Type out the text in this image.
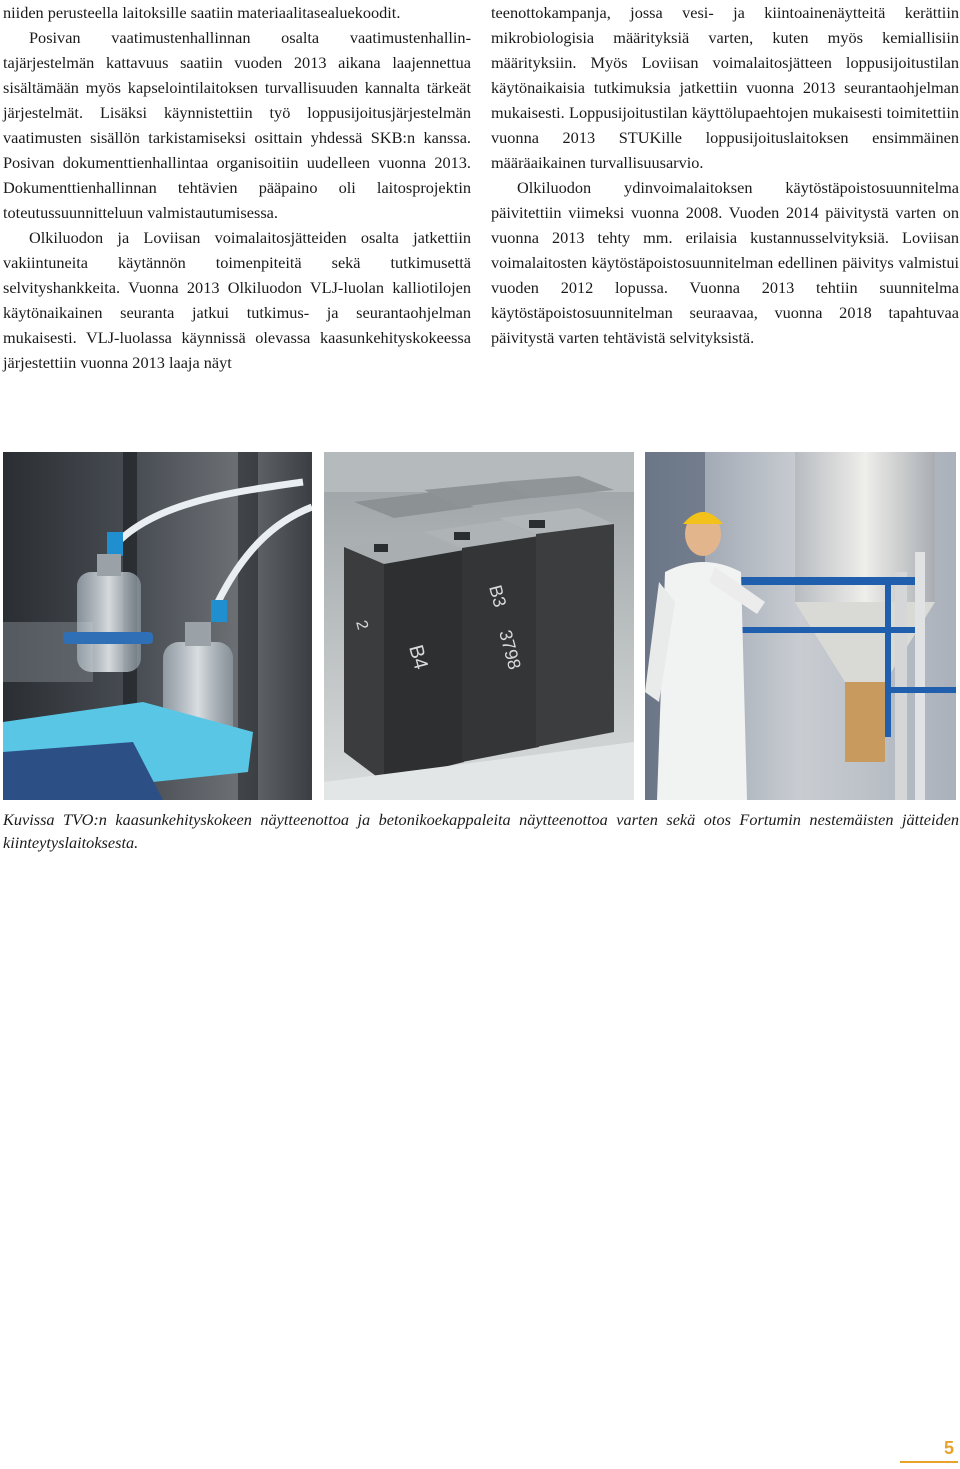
niiden perusteella laitoksille saatiin materiaalitasealuekoodit.

Posivan vaatimustenhallinnan osalta vaatimustenhallintajärjestelmän kattavuus saatiin vuoden 2013 aikana laajennettua sisältämään myös kapselointilaitoksen turvallisuuden kannalta tärkeät järjestelmät. Lisäksi käynnistettiin työ loppusijoitusjärjestelmän vaatimusten sisällön tarkistamiseksi osittain yhdessä SKB:n kanssa. Posivan dokumenttienhallintaa organisoitiin uudelleen vuonna 2013. Dokumenttienhallinnan tehtävien pääpaino oli laitosprojektin toteutussuunnitteluun valmistautumisessa.

Olkiluodon ja Loviisan voimalaitosjätteiden osalta jatkettiin vakiintuneita käytännön toimenpiteitä sekä tutkimusettä selvityshankkeita. Vuonna 2013 Olkiluodon VLJ-luolan kalliotilojen käytönaikainen seuranta jatkui tutkimus- ja seurantaohjelman mukaisesti. VLJ-luolassa käynnissä olevassa kaasunkehityskokeessa järjestettiin vuonna 2013 laaja näyt

teenottokampanja, jossa vesi- ja kiintoainenäytteitä kerättiin mikrobiologisia määrityksiä varten, kuten myös kemiallisiin määrityksiin. Myös Loviisan voimalaitosjätteen loppusijoitustilan käytönaikaisia tutkimuksia jatkettiin vuonna 2013 seurantaohjelman mukaisesti. Loppusijoitustilan käyttölupaehtojen mukaisesti toimitettiin vuonna 2013 STUKille loppusijoituslaitoksen ensimmäinen määräaikainen turvallisuusarvio.

Olkiluodon ydinvoimalaitoksen käytöstäpoistosuunnitelma päivitettiin viimeksi vuonna 2008. Vuoden 2014 päivitystä varten on vuonna 2013 tehty mm. erilaisia kustannusselvityksiä. Loviisan voimalaitosten käytöstäpoistosuunnitelman edellinen päivitys valmistui vuoden 2012 lopussa. Vuonna 2013 tehtiin suunnitelma käytöstäpoistosuunnitelman seuraavaa, vuonna 2018 tapahtuvaa päivitystä varten tehtävistä selvityksistä.

B3
B4
2
3798
Kuvissa TVO:n kaasunkehityskokeen näytteenottoa ja betonikoekappaleita näytteenottoa varten sekä otos Fortumin nestemäisten jätteiden kiinteytyslaitoksesta.
5
